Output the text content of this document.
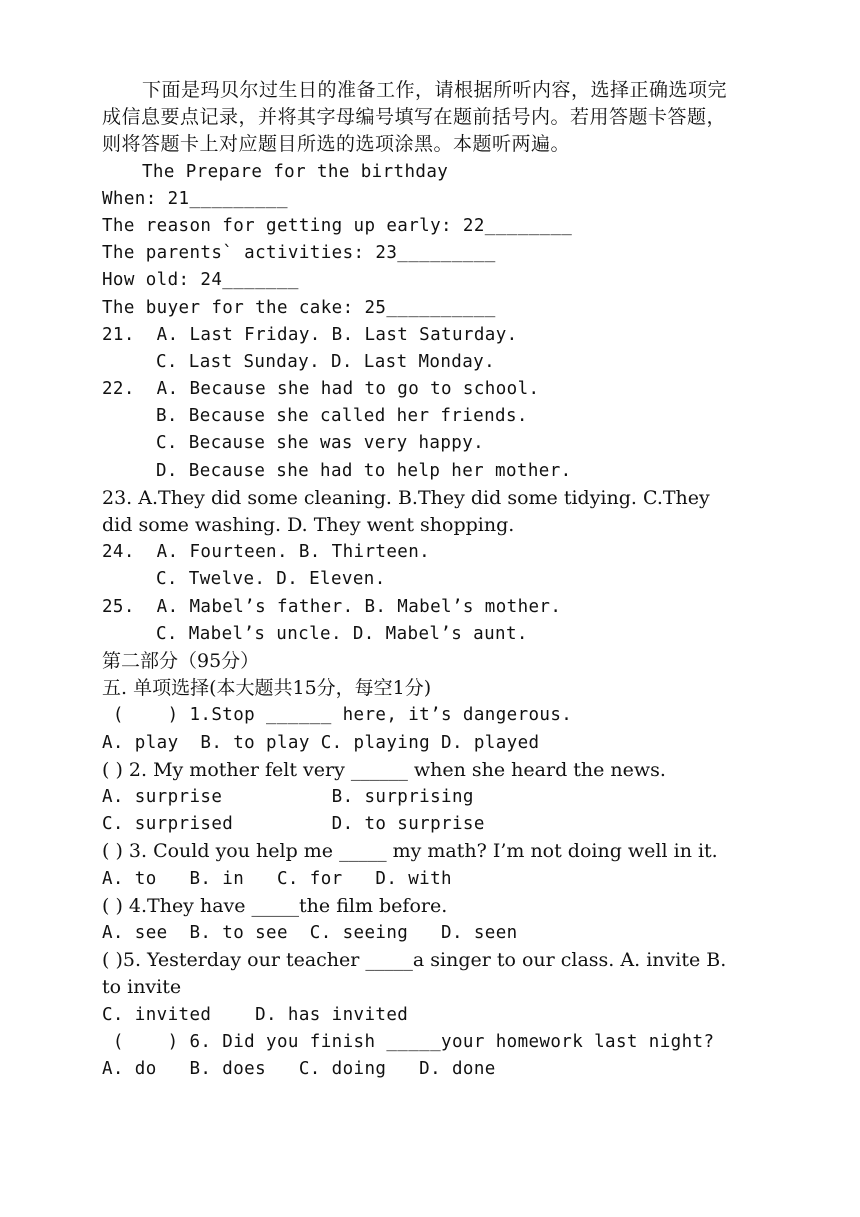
下面是玛贝尔过生日的准备工作，请根据所听内容，选择正确选项完成信息要点记录，并将其字母编号填写在题前括号内。若用答题卡答题，则将答题卡上对应题目所选的选项涂黑。本题听两遍。
The Prepare for the birthday
When: 21_________
The reason for getting up early: 22________
The parents` activities: 23_________
How old: 24_______
The buyer for the cake: 25__________
21.  A. Last Friday. B. Last Saturday.
C. Last Sunday. D. Last Monday.
22.  A. Because she had to go to school.
B. Because she called her friends.
C. Because she was very happy.
D. Because she had to help her mother.
23. A.They did some cleaning. B.They did some tidying. C.They did some washing. D. They went shopping.
24.  A. Fourteen. B. Thirteen.
C. Twelve. D. Eleven.
25.  A. Mabel’s father. B. Mabel’s mother.
C. Mabel’s uncle. D. Mabel’s aunt.
第二部分（95分）
五. 单项选择(本大题共15分，每空1分)
(    ) 1.Stop ______ here, it’s dangerous.
A. play  B. to play C. playing D. played
( ) 2. My mother felt very ______ when she heard the news.
A. surprise          B. surprising
C. surprised         D. to surprise
( ) 3. Could you help me _____ my math? I’m not doing well in it.
A. to   B. in   C. for   D. with
( ) 4.They have _____the film before.
A. see  B. to see  C. seeing   D. seen
( )5. Yesterday our teacher _____a singer to our class. A. invite B. to invite
C. invited    D. has invited
(    ) 6. Did you finish _____your homework last night?
A. do   B. does   C. doing   D. done
